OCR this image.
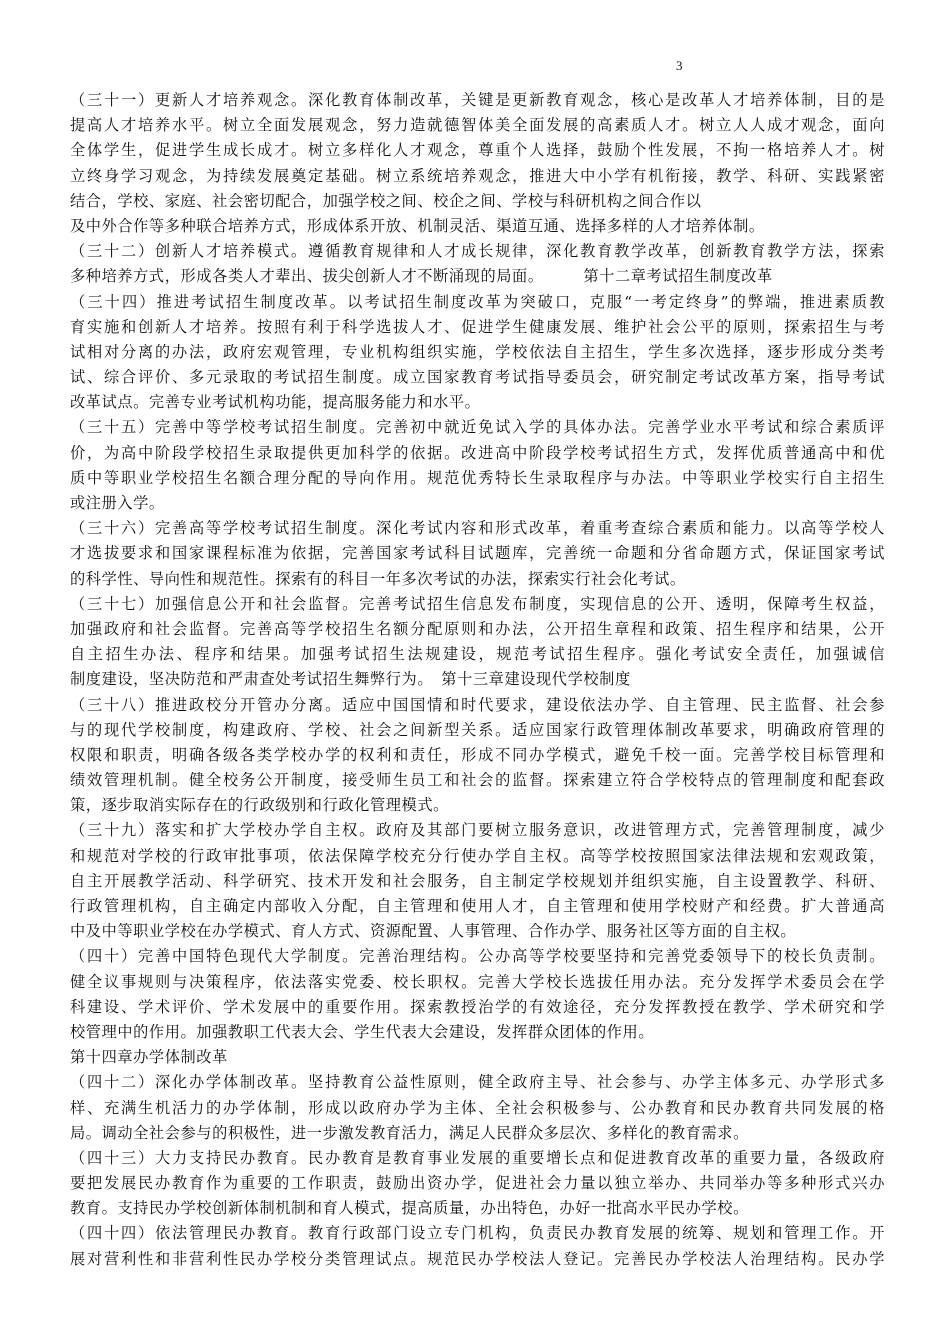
3
（三十一）更新人才培养观念。深化教育体制改革，关键是更新教育观念，核心是改革人才培养体制，目的是
提高人才培养水平。树立全面发展观念，努力造就德智体美全面发展的高素质人才。树立人人成才观念，面向
全体学生，促进学生成长成才。树立多样化人才观念，尊重个人选择，鼓励个性发展，不拘一格培养人才。树
立终身学习观念，为持续发展奠定基础。树立系统培养观念，推进大中小学有机衔接，教学、科研、实践紧密
结合，学校、家庭、社会密切配合，加强学校之间、校企之间、学校与科研机构之间合作以
及中外合作等多种联合培养方式，形成体系开放、机制灵活、渠道互通、选择多样的人才培养体制。
（三十二）创新人才培养模式。遵循教育规律和人才成长规律，深化教育教学改革，创新教育教学方法，探索
多种培养方式，形成各类人才辈出、拔尖创新人才不断涌现的局面。　　　第十二章考试招生制度改革
（三十四）推进考试招生制度改革。以考试招生制度改革为突破口，克服“一考定终身”的弊端，推进素质教
育实施和创新人才培养。按照有利于科学选拔人才、促进学生健康发展、维护社会公平的原则，探索招生与考
试相对分离的办法，政府宏观管理，专业机构组织实施，学校依法自主招生，学生多次选择，逐步形成分类考
试、综合评价、多元录取的考试招生制度。成立国家教育考试指导委员会，研究制定考试改革方案，指导考试
改革试点。完善专业考试机构功能，提高服务能力和水平。
（三十五）完善中等学校考试招生制度。完善初中就近免试入学的具体办法。完善学业水平考试和综合素质评
价，为高中阶段学校招生录取提供更加科学的依据。改进高中阶段学校考试招生方式，发挥优质普通高中和优
质中等职业学校招生名额合理分配的导向作用。规范优秀特长生录取程序与办法。中等职业学校实行自主招生
或注册入学。
（三十六）完善高等学校考试招生制度。深化考试内容和形式改革，着重考查综合素质和能力。以高等学校人
才选拔要求和国家课程标准为依据，完善国家考试科目试题库，完善统一命题和分省命题方式，保证国家考试
的科学性、导向性和规范性。探索有的科目一年多次考试的办法，探索实行社会化考试。
（三十七）加强信息公开和社会监督。完善考试招生信息发布制度，实现信息的公开、透明，保障考生权益，
加强政府和社会监督。完善高等学校招生名额分配原则和办法，公开招生章程和政策、招生程序和结果，公开
自主招生办法、程序和结果。加强考试招生法规建设，规范考试招生程序。强化考试安全责任，加强诚信
制度建设，坚决防范和严肃查处考试招生舞弊行为。　第十三章建设现代学校制度
（三十八）推进政校分开管办分离。适应中国国情和时代要求，建设依法办学、自主管理、民主监督、社会参
与的现代学校制度，构建政府、学校、社会之间新型关系。适应国家行政管理体制改革要求，明确政府管理的
权限和职责，明确各级各类学校办学的权利和责任，形成不同办学模式，避免千校一面。完善学校目标管理和
绩效管理机制。健全校务公开制度，接受师生员工和社会的监督。探索建立符合学校特点的管理制度和配套政
策，逐步取消实际存在的行政级别和行政化管理模式。
（三十九）落实和扩大学校办学自主权。政府及其部门要树立服务意识，改进管理方式，完善管理制度，减少
和规范对学校的行政审批事项，依法保障学校充分行使办学自主权。高等学校按照国家法律法规和宏观政策，
自主开展教学活动、科学研究、技术开发和社会服务，自主制定学校规划并组织实施，自主设置教学、科研、
行政管理机构，自主确定内部收入分配，自主管理和使用人才，自主管理和使用学校财产和经费。扩大普通高
中及中等职业学校在办学模式、育人方式、资源配置、人事管理、合作办学、服务社区等方面的自主权。
（四十）完善中国特色现代大学制度。完善治理结构。公办高等学校要坚持和完善党委领导下的校长负责制。
健全议事规则与决策程序，依法落实党委、校长职权。完善大学校长选拔任用办法。充分发挥学术委员会在学
科建设、学术评价、学术发展中的重要作用。探索教授治学的有效途径，充分发挥教授在教学、学术研究和学
校管理中的作用。加强教职工代表大会、学生代表大会建设，发挥群众团体的作用。
第十四章办学体制改革
（四十二）深化办学体制改革。坚持教育公益性原则，健全政府主导、社会参与、办学主体多元、办学形式多
样、充满生机活力的办学体制，形成以政府办学为主体、全社会积极参与、公办教育和民办教育共同发展的格
局。调动全社会参与的积极性，进一步激发教育活力，满足人民群众多层次、多样化的教育需求。
（四十三）大力支持民办教育。民办教育是教育事业发展的重要增长点和促进教育改革的重要力量，各级政府
要把发展民办教育作为重要的工作职责，鼓励出资办学，促进社会力量以独立举办、共同举办等多种形式兴办
教育。支持民办学校创新体制机制和育人模式，提高质量，办出特色，办好一批高水平民办学校。
（四十四）依法管理民办教育。教育行政部门设立专门机构，负责民办教育发展的统筹、规划和管理工作。开
展对营利性和非营利性民办学校分类管理试点。规范民办学校法人登记。完善民办学校法人治理结构。民办学
